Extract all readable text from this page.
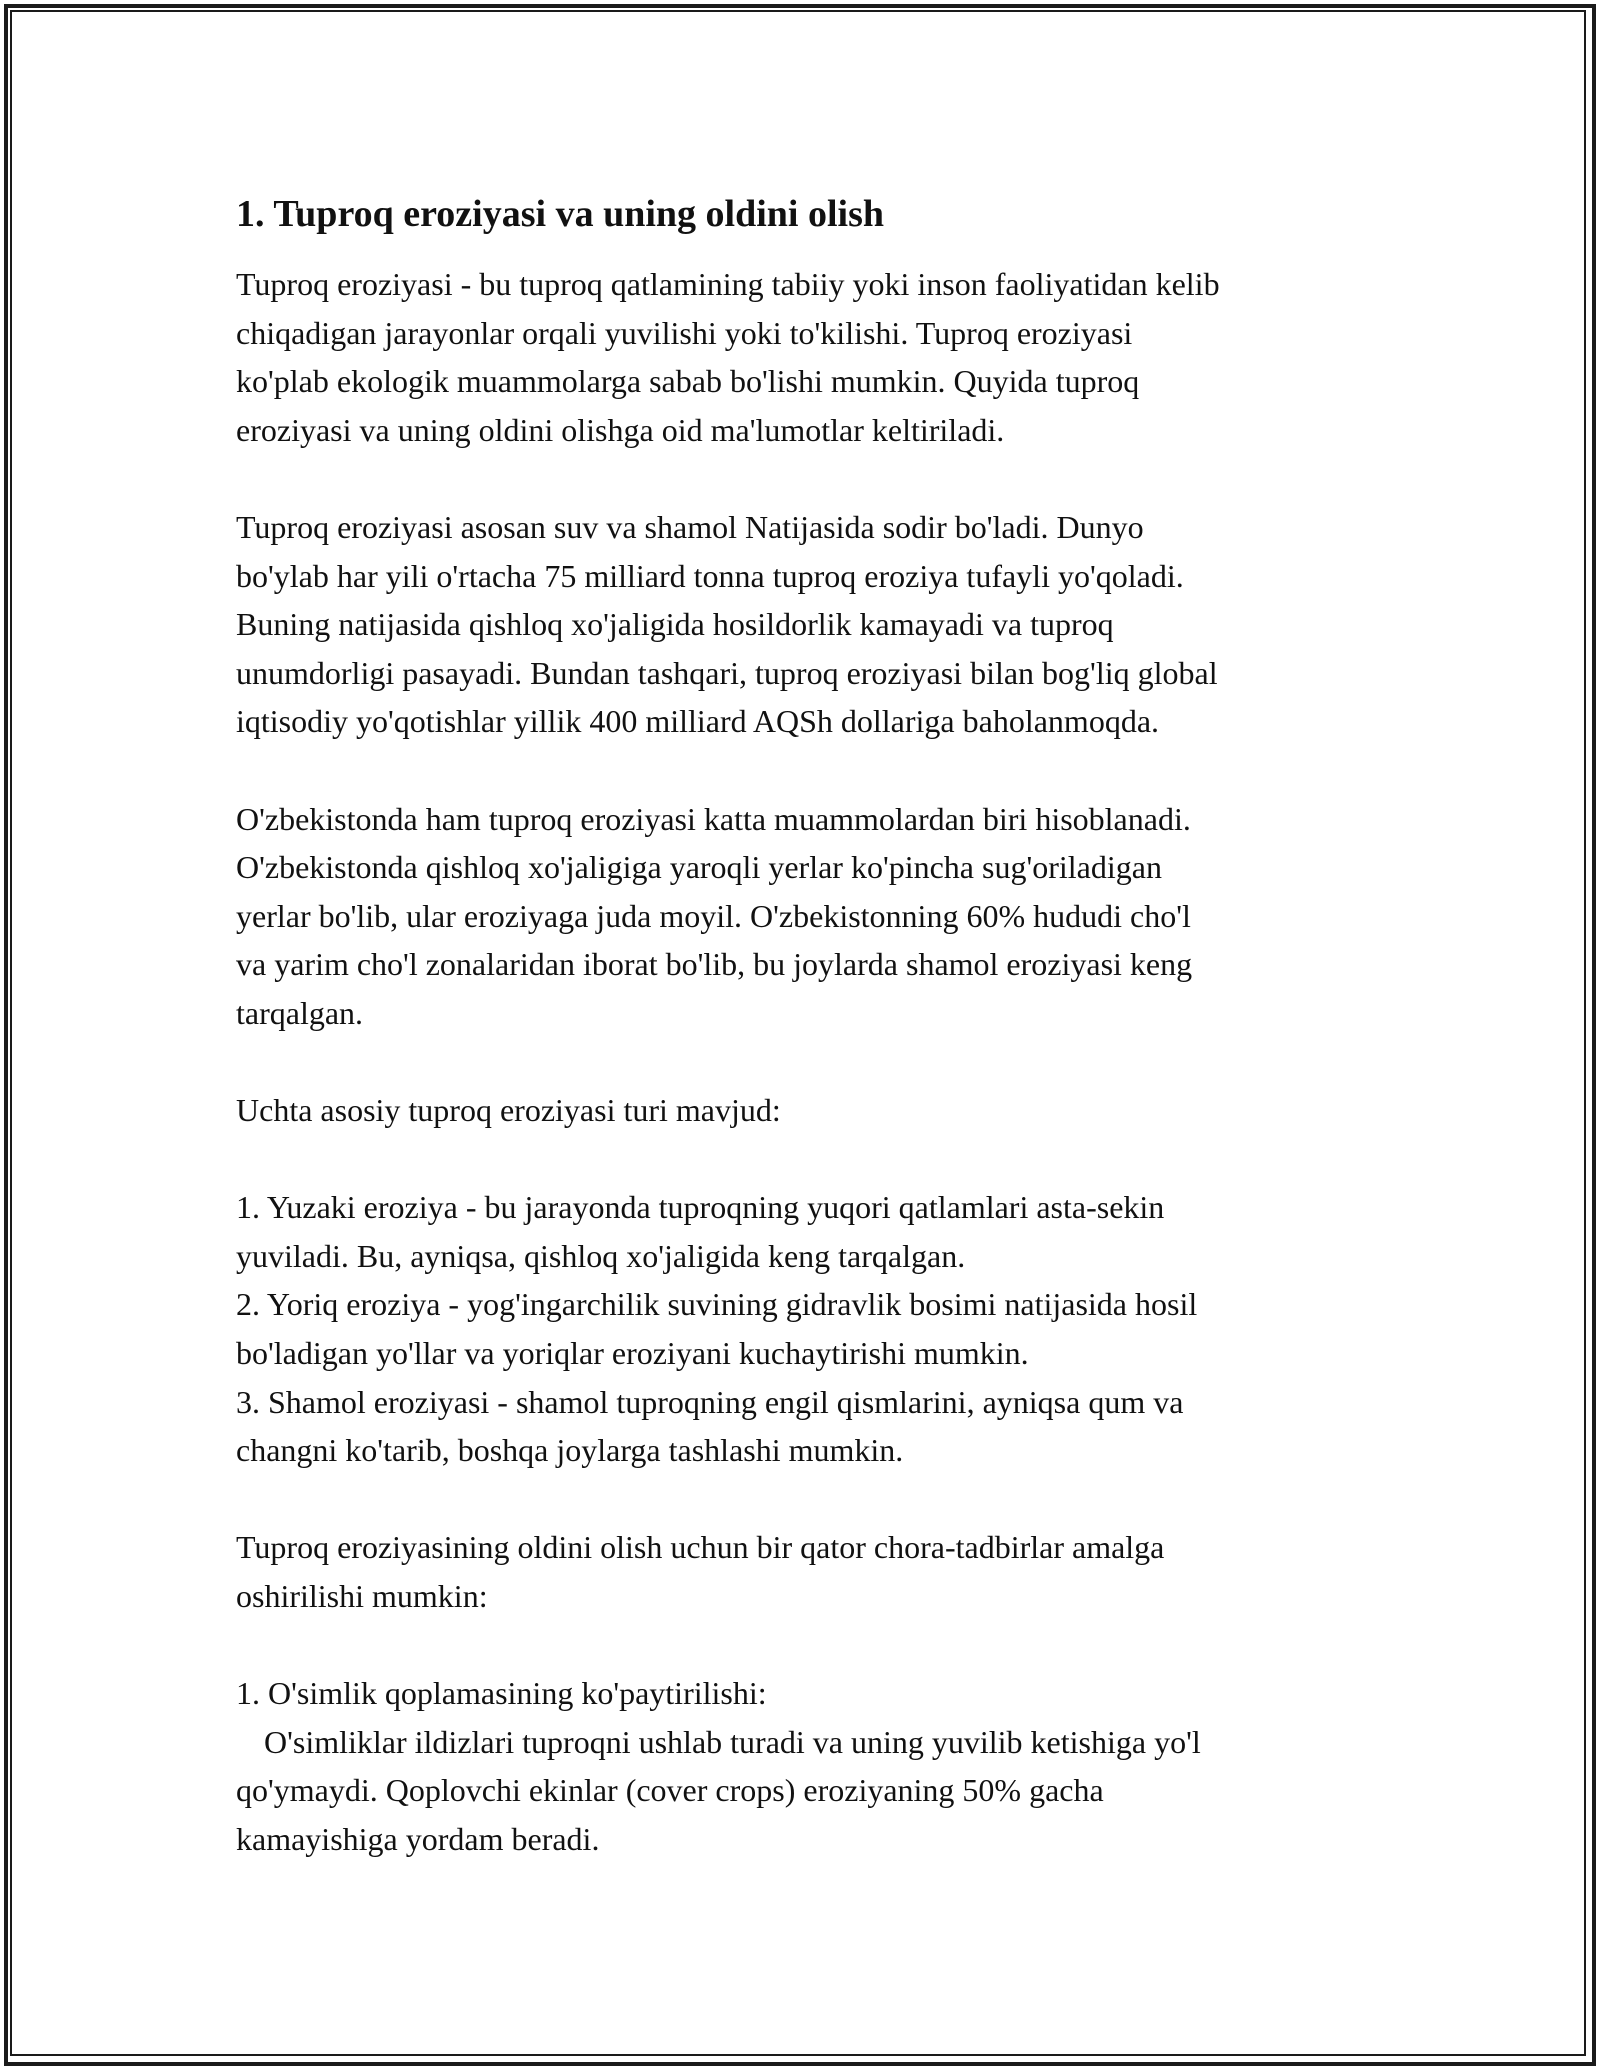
1. Tuproq eroziyasi va uning oldini olish

Tuproq eroziyasi - bu tuproq qatlamining tabiiy yoki inson faoliyatidan kelib
chiqadigan jarayonlar orqali yuvilishi yoki to'kilishi. Tuproq eroziyasi
ko'plab ekologik muammolarga sabab bo'lishi mumkin. Quyida tuproq
eroziyasi va uning oldini olishga oid ma'lumotlar keltiriladi.

Tuproq eroziyasi asosan suv va shamol Natijasida sodir bo'ladi. Dunyo
bo'ylab har yili o'rtacha 75 milliard tonna tuproq eroziya tufayli yo'qoladi.
Buning natijasida qishloq xo'jaligida hosildorlik kamayadi va tuproq
unumdorligi pasayadi. Bundan tashqari, tuproq eroziyasi bilan bog'liq global
iqtisodiy yo'qotishlar yillik 400 milliard AQSh dollariga baholanmoqda.

O'zbekistonda ham tuproq eroziyasi katta muammolardan biri hisoblanadi.
O'zbekistonda qishloq xo'jaligiga yaroqli yerlar ko'pincha sug'oriladigan
yerlar bo'lib, ular eroziyaga juda moyil. O'zbekistonning 60% hududi cho'l
va yarim cho'l zonalaridan iborat bo'lib, bu joylarda shamol eroziyasi keng
tarqalgan.

Uchta asosiy tuproq eroziyasi turi mavjud:

1. Yuzaki eroziya - bu jarayonda tuproqning yuqori qatlamlari asta-sekin
yuviladi. Bu, ayniqsa, qishloq xo'jaligida keng tarqalgan.
2. Yoriq eroziya - yog'ingarchilik suvining gidravlik bosimi natijasida hosil
bo'ladigan yo'llar va yoriqlar eroziyani kuchaytirishi mumkin.
3. Shamol eroziyasi - shamol tuproqning engil qismlarini, ayniqsa qum va
changni ko'tarib, boshqa joylarga tashlashi mumkin.

Tuproq eroziyasining oldini olish uchun bir qator chora-tadbirlar amalga
oshirilishi mumkin:

1. O'simlik qoplamasining ko'paytirilishi:
O'simliklar ildizlari tuproqni ushlab turadi va uning yuvilib ketishiga yo'l
qo'ymaydi. Qoplovchi ekinlar (cover crops) eroziyaning 50% gacha
kamayishiga yordam beradi.
